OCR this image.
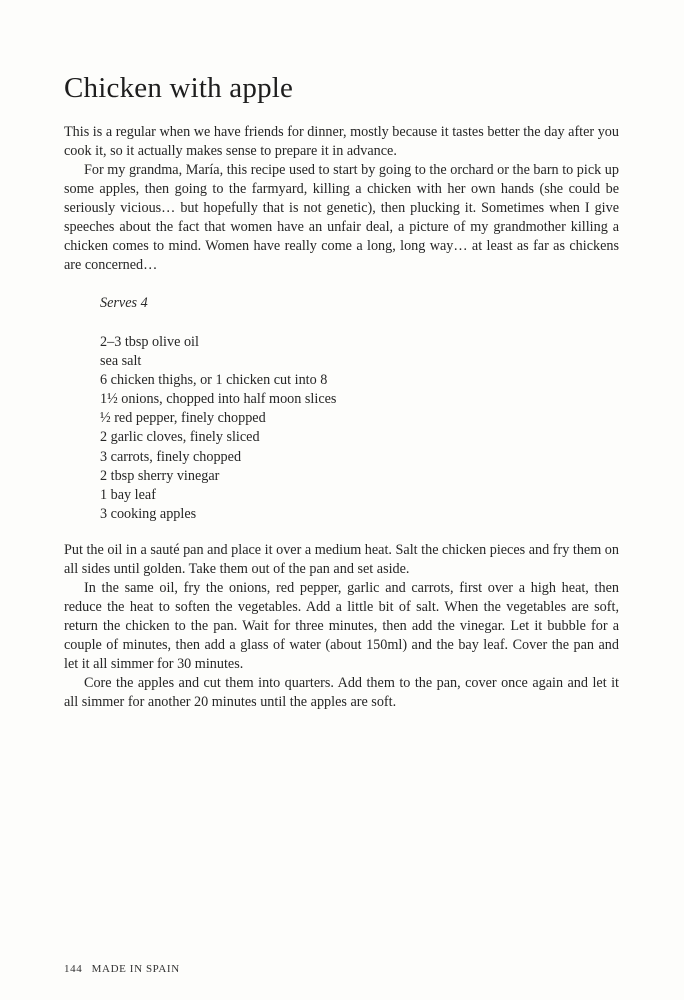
Chicken with apple

This is a regular when we have friends for dinner, mostly because it tastes better the day after you cook it, so it actually makes sense to prepare it in advance.

For my grandma, María, this recipe used to start by going to the orchard or the barn to pick up some apples, then going to the farmyard, killing a chicken with her own hands (she could be seriously vicious… but hopefully that is not genetic), then plucking it. Sometimes when I give speeches about the fact that women have an unfair deal, a picture of my grandmother killing a chicken comes to mind. Women have really come a long, long way… at least as far as chickens are concerned…

Serves 4

2–3 tbsp olive oil
sea salt
6 chicken thighs, or 1 chicken cut into 8
1½ onions, chopped into half moon slices
½ red pepper, finely chopped
2 garlic cloves, finely sliced
3 carrots, finely chopped
2 tbsp sherry vinegar
1 bay leaf
3 cooking apples

Put the oil in a sauté pan and place it over a medium heat. Salt the chicken pieces and fry them on all sides until golden. Take them out of the pan and set aside.

In the same oil, fry the onions, red pepper, garlic and carrots, first over a high heat, then reduce the heat to soften the vegetables. Add a little bit of salt. When the vegetables are soft, return the chicken to the pan. Wait for three minutes, then add the vinegar. Let it bubble for a couple of minutes, then add a glass of water (about 150ml) and the bay leaf. Cover the pan and let it all simmer for 30 minutes.

Core the apples and cut them into quarters. Add them to the pan, cover once again and let it all simmer for another 20 minutes until the apples are soft.

144 MADE IN SPAIN
